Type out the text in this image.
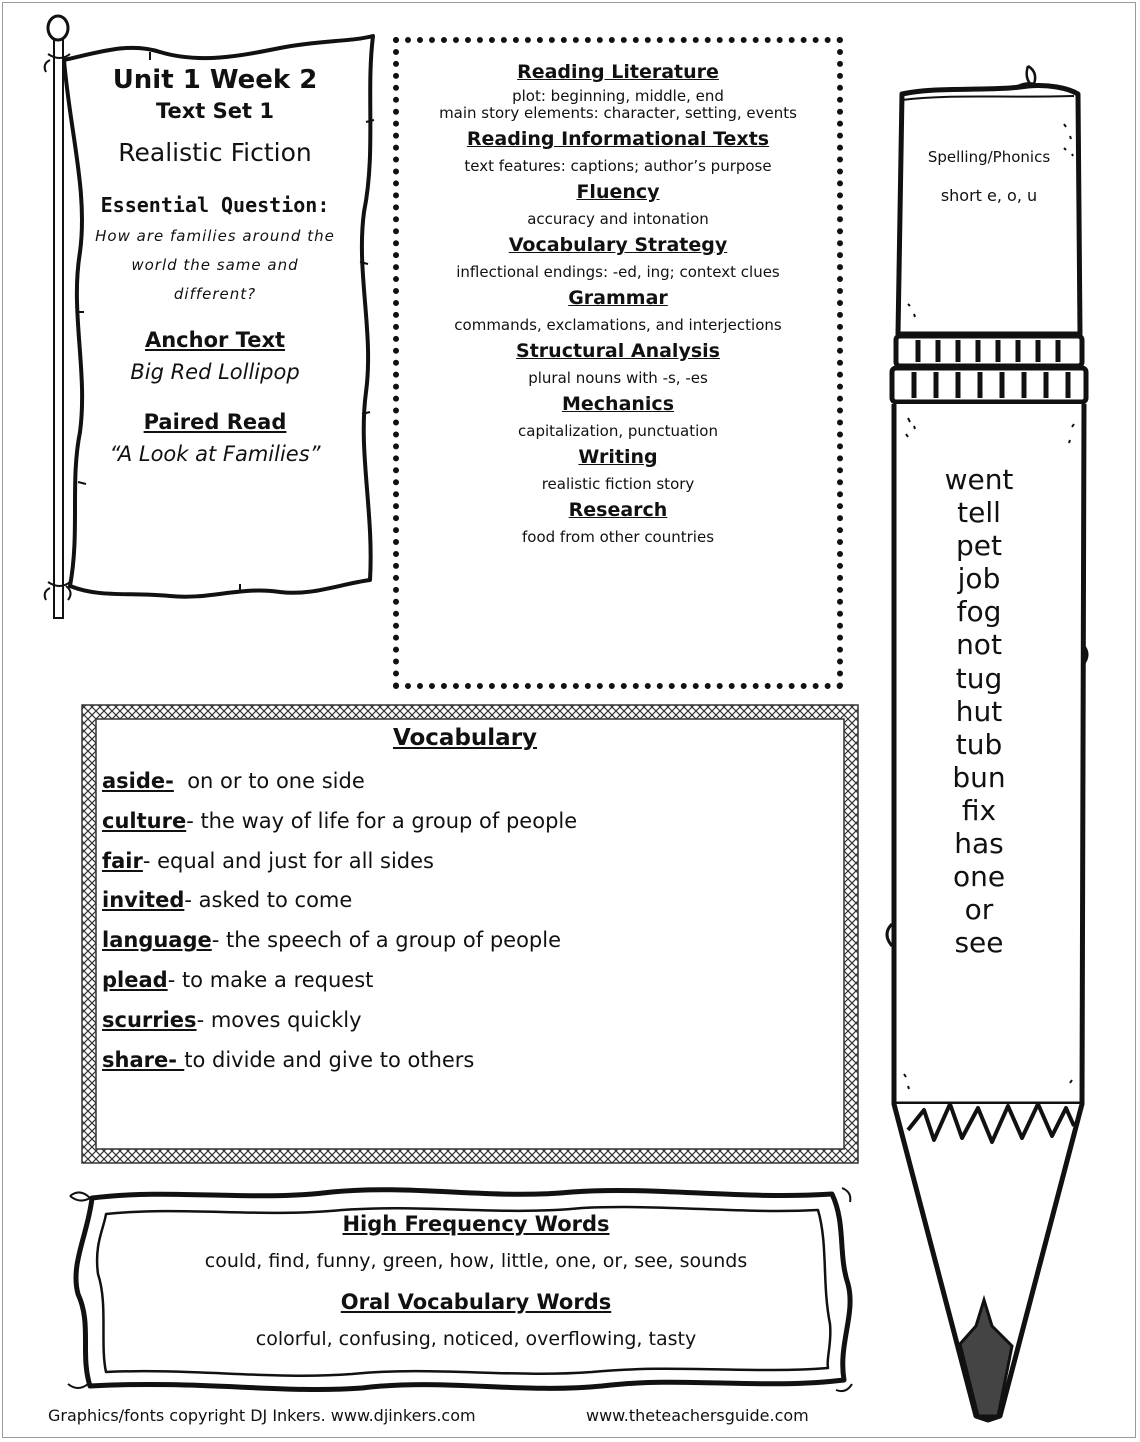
Unit 1 Week 2
Text Set 1
Realistic Fiction
Essential Question:
How are families around the world the same and different?
Anchor Text
Big Red Lollipop
Paired Read
“A Look at Families”
Reading Literature
plot: beginning, middle, end
main story elements: character, setting, events
Reading Informational Texts
text features: captions; author’s purpose
Fluency
accuracy and intonation
Vocabulary Strategy
inflectional endings: -ed, ing; context clues
Grammar
commands, exclamations, and interjections
Structural Analysis
plural nouns with -s, -es
Mechanics
capitalization, punctuation
Writing
realistic fiction story
Research
food from other countries
Vocabulary
aside-  on or to one side
culture- the way of life for a group of people
fair- equal and just for all sides
invited- asked to come
language- the speech of a group of people
plead- to make a request
scurries- moves quickly
share- to divide and give to others
High Frequency Words
could, find, funny, green, how, little, one, or, see, sounds
Oral Vocabulary Words
colorful, confusing, noticed, overflowing, tasty
Spelling/Phonics
short e, o, u
went
tell
pet
job
fog
not
tug
hut
tub
bun
fix
has
one
or
see
Graphics/fonts copyright DJ Inkers. www.djinkers.com	www.theteachersguide.com
